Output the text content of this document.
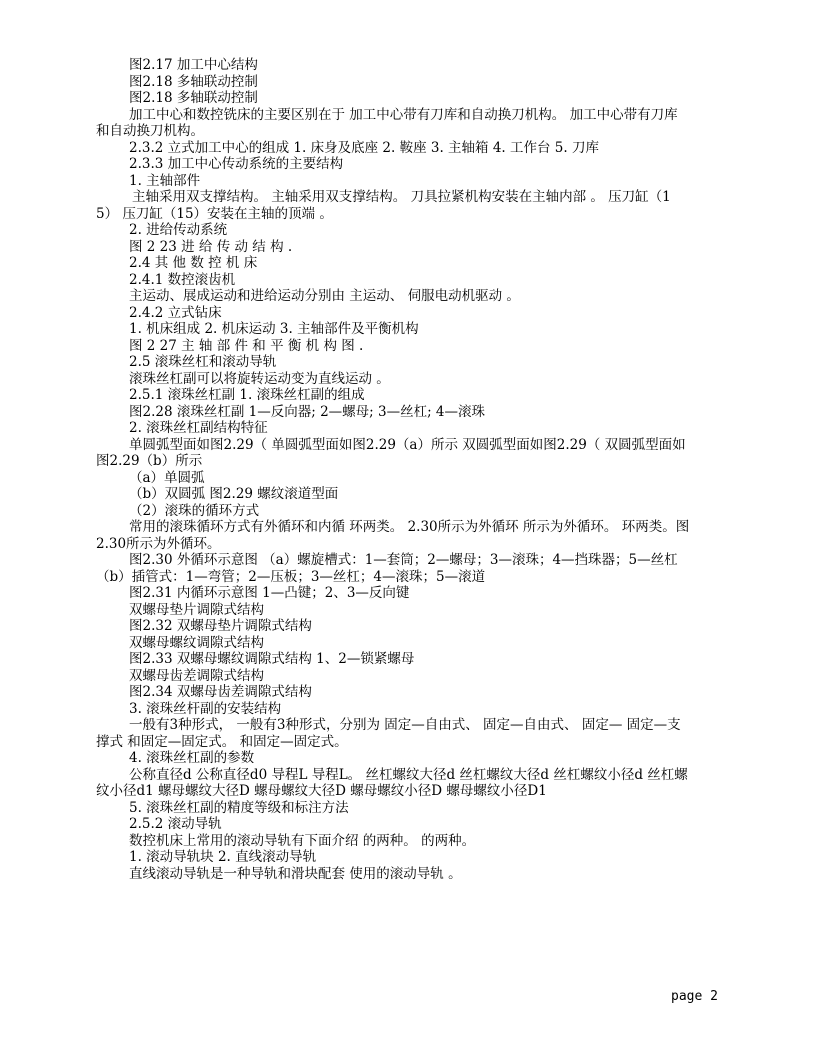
图2.17 加工中心结构
图2.18 多轴联动控制
图2.18 多轴联动控制
加工中心和数控铣床的主要区别在于 加工中心带有刀库和自动换刀机构。 加工中心带有刀库和自动换刀机构。
2.3.2 立式加工中心的组成 1. 床身及底座 2. 鞍座 3. 主轴箱 4. 工作台 5. 刀库
2.3.3 加工中心传动系统的主要结构
1. 主轴部件
主轴采用双支撑结构。 主轴采用双支撑结构。 刀具拉紧机构安装在主轴内部 。 压刀缸（15） 压刀缸（15）安装在主轴的顶端 。
2. 进给传动系统
图 2 23 进 给 传 动 结 构 .
2.4 其 他 数 控 机 床
2.4.1 数控滚齿机
主运动、展成运动和进给运动分别由 主运动、 伺服电动机驱动 。
2.4.2 立式钻床
1. 机床组成 2. 机床运动 3. 主轴部件及平衡机构
图 2 27 主 轴 部 件 和 平 衡 机 构 图 .
2.5 滚珠丝杠和滚动导轨
滚珠丝杠副可以将旋转运动变为直线运动 。
2.5.1 滚珠丝杠副 1. 滚珠丝杠副的组成
图2.28 滚珠丝杠副 1—反向器; 2—螺母; 3—丝杠; 4—滚珠
2. 滚珠丝杠副结构特征
单圆弧型面如图2.29（ 单圆弧型面如图2.29（a）所示 双圆弧型面如图2.29（ 双圆弧型面如图2.29（b）所示
（a）单圆弧
（b）双圆弧 图2.29 螺纹滚道型面
（2）滚珠的循环方式
常用的滚珠循环方式有外循环和内循 环两类。 2.30所示为外循环 所示为外循环。 环两类。图2.30所示为外循环。
图2.30 外循环示意图 （a）螺旋槽式：1—套筒；2—螺母；3—滚珠；4—挡珠器；5—丝杠 （b）插管式：1—弯管；2—压板；3—丝杠；4—滚珠；5—滚道
图2.31 内循环示意图 1—凸键；2、3—反向键
双螺母垫片调隙式结构
图2.32 双螺母垫片调隙式结构
双螺母螺纹调隙式结构
图2.33 双螺母螺纹调隙式结构 1、2—锁紧螺母
双螺母齿差调隙式结构
图2.34 双螺母齿差调隙式结构
3. 滚珠丝杆副的安装结构
一般有3种形式， 一般有3种形式，分别为 固定—自由式、 固定—自由式、 固定— 固定—支撑式 和固定—固定式。 和固定—固定式。
4. 滚珠丝杠副的参数
公称直径d 公称直径d0 导程L 导程L。 丝杠螺纹大径d 丝杠螺纹大径d 丝杠螺纹小径d 丝杠螺纹小径d1 螺母螺纹大径D 螺母螺纹大径D 螺母螺纹小径D 螺母螺纹小径D1
5. 滚珠丝杠副的精度等级和标注方法
2.5.2 滚动导轨
数控机床上常用的滚动导轨有下面介绍 的两种。 的两种。
1. 滚动导轨块 2. 直线滚动导轨
直线滚动导轨是一种导轨和滑块配套 使用的滚动导轨 。
page 2
